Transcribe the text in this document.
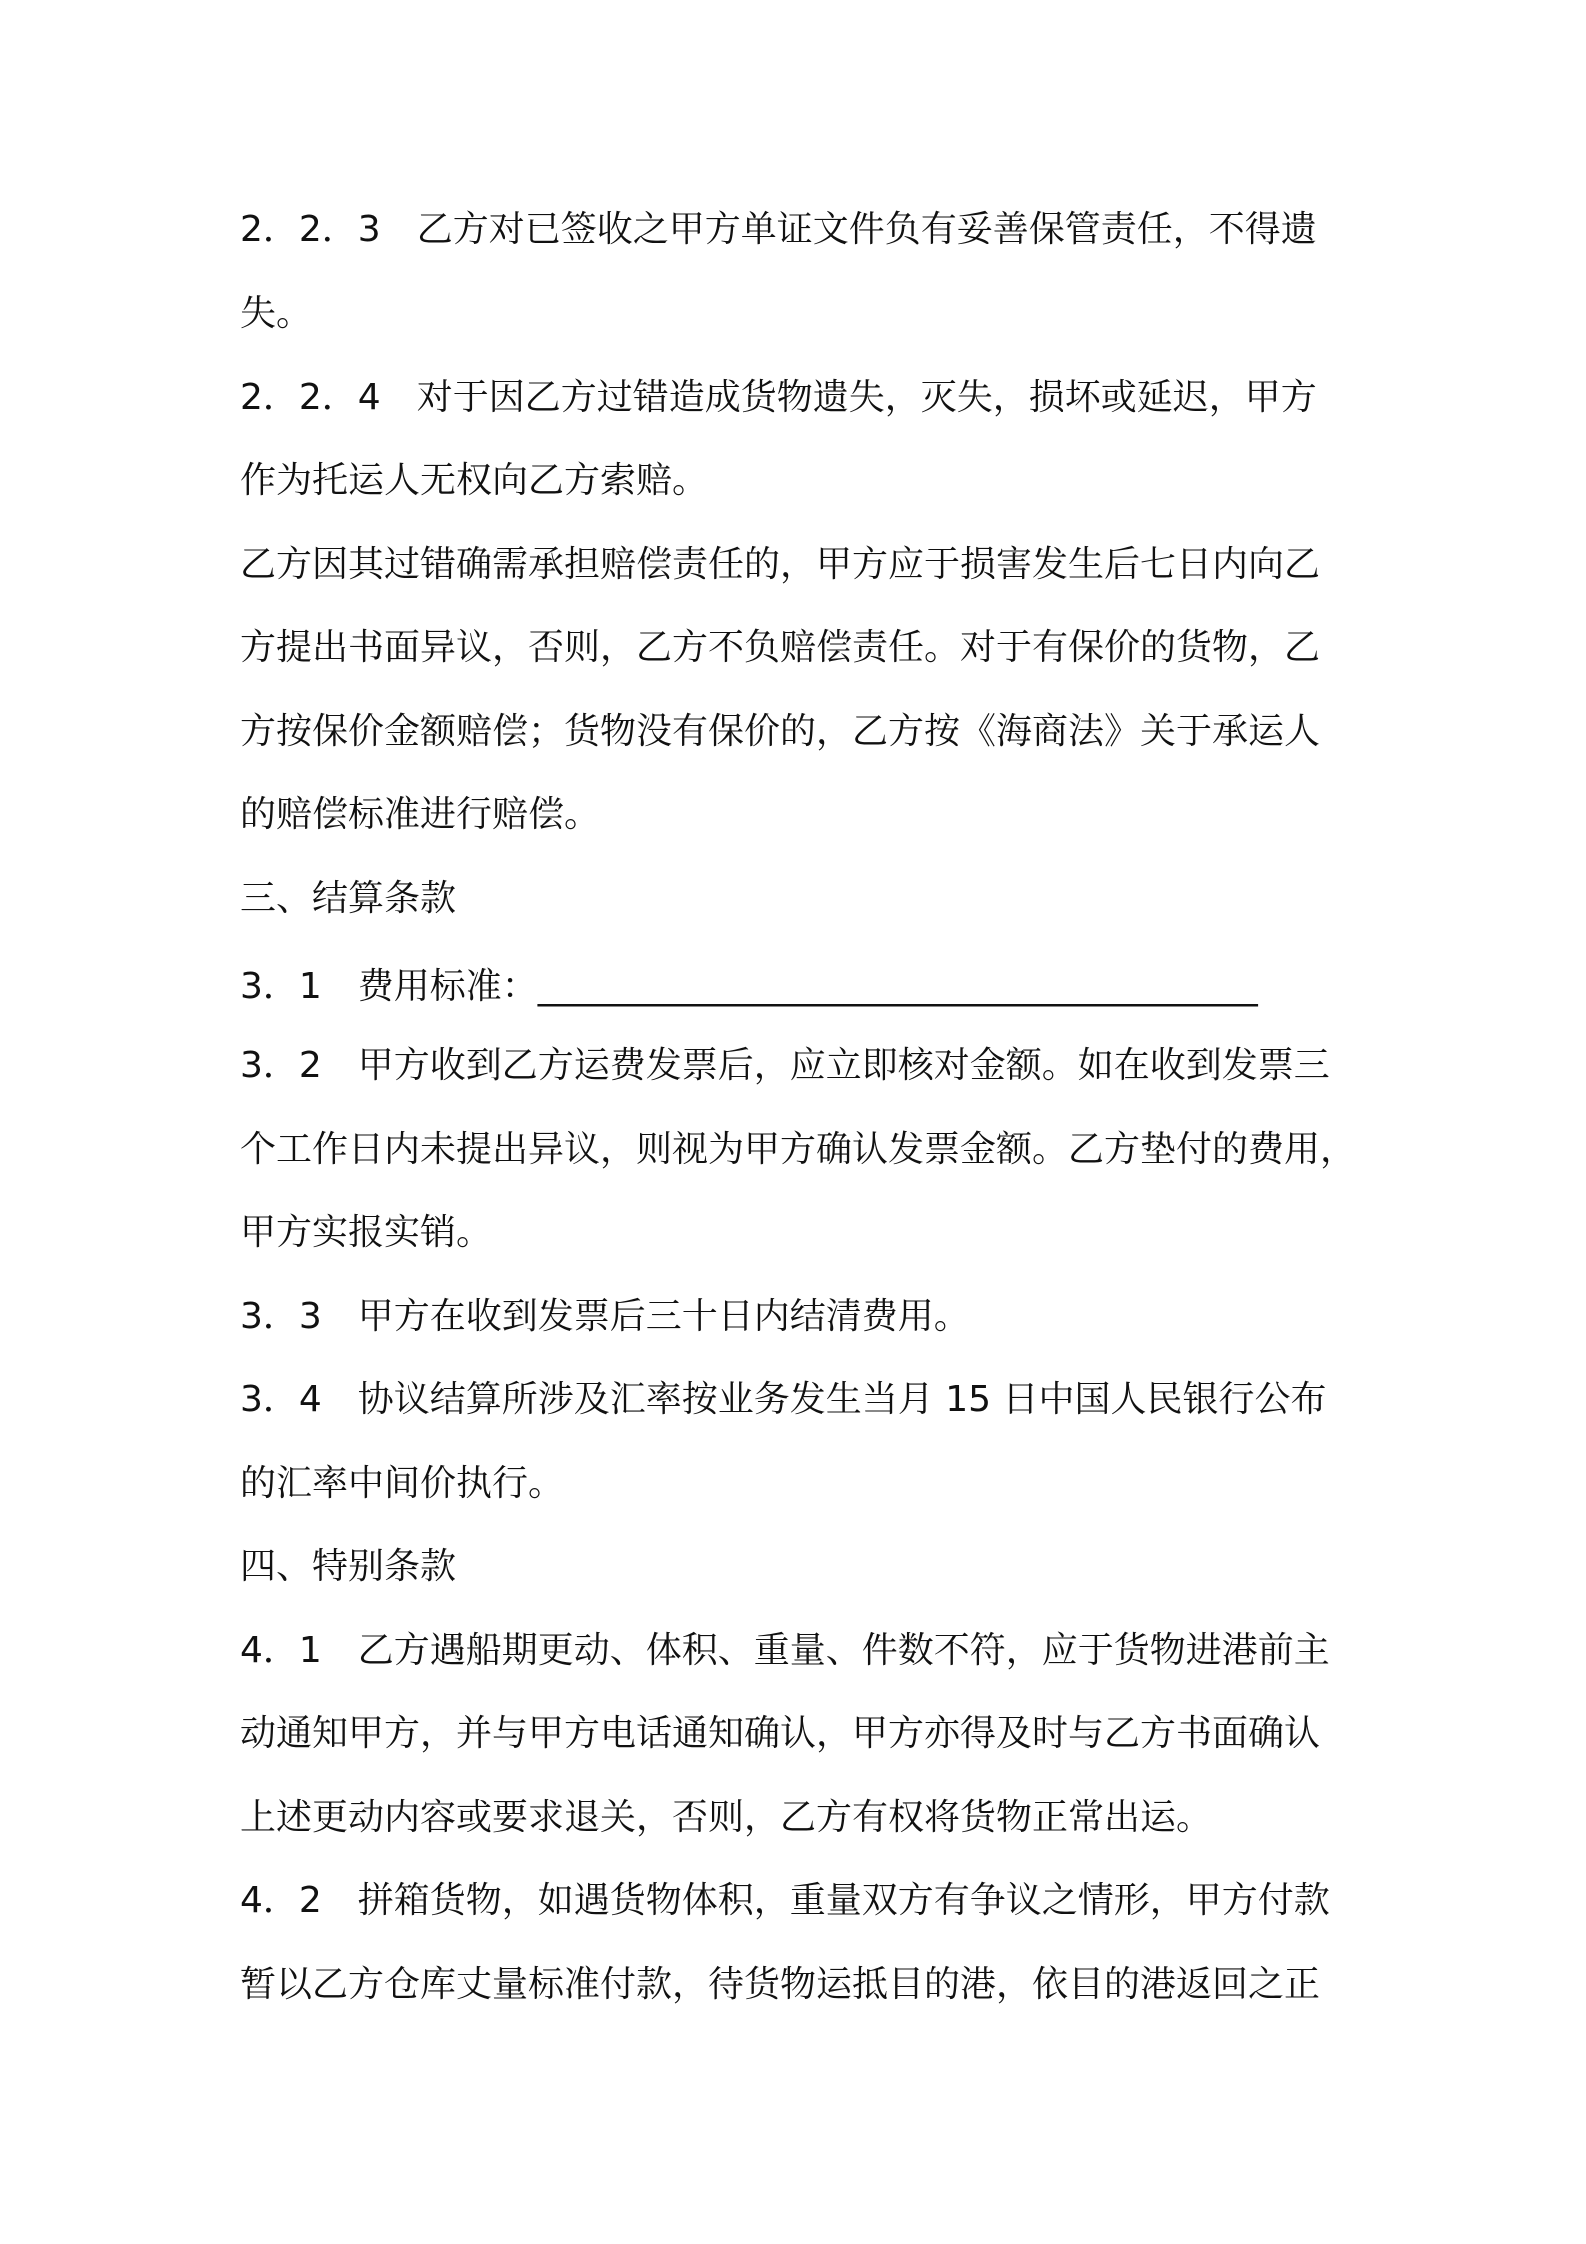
2．2．3　乙方对已签收之甲方单证文件负有妥善保管责任，不得遗
失。
2．2．4　对于因乙方过错造成货物遗失，灭失，损坏或延迟，甲方
作为托运人无权向乙方索赔。
乙方因其过错确需承担赔偿责任的，甲方应于损害发生后七日内向乙
方提出书面异议，否则，乙方不负赔偿责任。对于有保价的货物，乙
方按保价金额赔偿；货物没有保价的，乙方按《海商法》关于承运人
的赔偿标准进行赔偿。
三、结算条款
3．1　费用标准：________________________________________
3．2　甲方收到乙方运费发票后，应立即核对金额。如在收到发票三
个工作日内未提出异议，则视为甲方确认发票金额。乙方垫付的费用，
甲方实报实销。
3．3　甲方在收到发票后三十日内结清费用。
3．4　协议结算所涉及汇率按业务发生当月 15 日中国人民银行公布
的汇率中间价执行。
四、特别条款
4．1　乙方遇船期更动、体积、重量、件数不符，应于货物进港前主
动通知甲方，并与甲方电话通知确认，甲方亦得及时与乙方书面确认
上述更动内容或要求退关，否则，乙方有权将货物正常出运。
4．2　拼箱货物，如遇货物体积，重量双方有争议之情形，甲方付款
暂以乙方仓库丈量标准付款，待货物运抵目的港，依目的港返回之正
